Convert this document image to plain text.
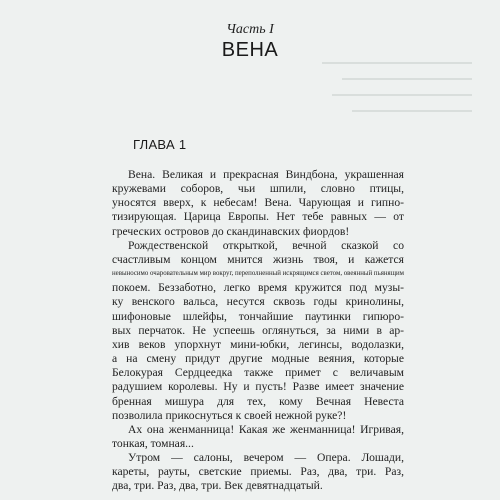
Часть I
ВЕНА
ГЛАВА 1
Вена. Великая и прекрасная Виндбона, украшенная
кружевами соборов, чьи шпили, словно птицы,
уносятся вверх, к небесам! Вена. Чарующая и гипно-
тизирующая. Царица Европы. Нет тебе равных — от
греческих островов до скандинавских фиордов!
Рождественской открыткой, вечной сказкой со
счастливым концом мнится жизнь твоя, и кажется
невыносимо очаровательным мир вокруг, переполненный искрящимся светом, овеянный пьянящим
покоем. Беззаботно, легко время кружится под музы-
ку венского вальса, несутся сквозь годы кринолины,
шифоновые шлейфы, тончайшие паутинки гипюро-
вых перчаток. Не успеешь оглянуться, за ними в ар-
хив веков упорхнут мини-юбки, легинсы, водолазки,
а на смену придут другие модные веяния, которые
Белокурая Сердцеедка также примет с величавым
радушием королевы. Ну и пусть! Разве имеет значение
бренная мишура для тех, кому Вечная Невеста
позволила прикоснуться к своей нежной руке?!
Ах она женманница! Какая же женманница! Игривая,
тонкая, томная...
Утром — салоны, вечером — Опера. Лошади,
кареты, рауты, светские приемы. Раз, два, три. Раз,
два, три. Раз, два, три. Век девятнадцатый.
